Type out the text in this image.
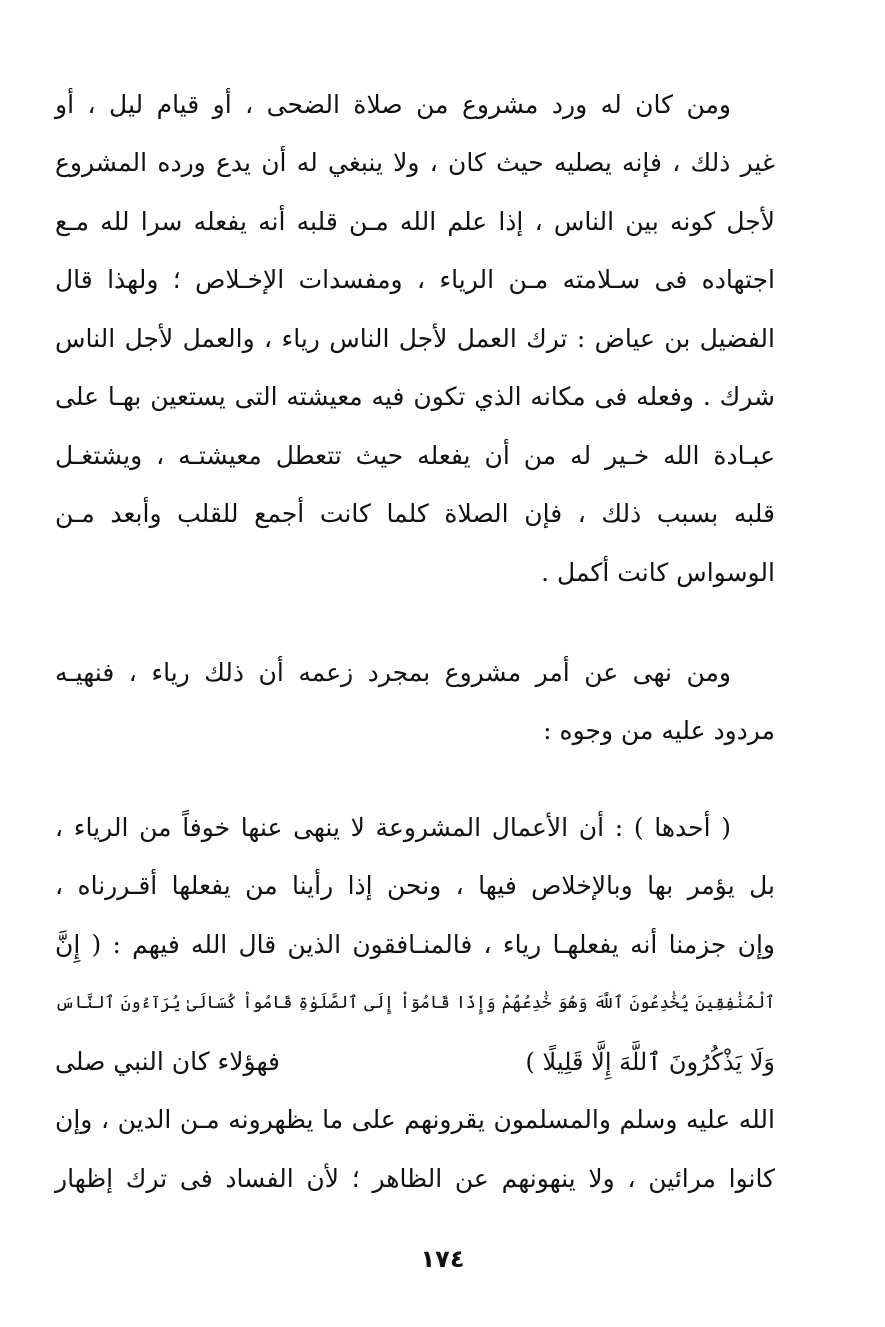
ومن كان له ورد مشروع من صلاة الضحى ، أو قيام ليل ، أو
غير ذلك ، فإنه يصليه حيث كان ، ولا ينبغي له أن يدع ورده المشروع
لأجل كونه بين الناس ، إذا علم الله مـن قلبه أنه يفعله سرا لله مـع
اجتهاده فى سـلامته مـن الرياء ، ومفسدات الإخـلاص ؛ ولهذا قال
الفضيل بن عياض : ترك العمل لأجل الناس رياء ، والعمل لأجل الناس
شرك . وفعله فى مكانه الذي تكون فيه معيشته التى يستعين بهـا على
عبـادة الله خـير له من أن يفعله حيث تتعطل معيشتـه ، ويشتغـل
قلبه بسبب ذلك ، فإن الصلاة كلما كانت أجمع للقلب وأبعد مـن
الوسواس كانت أكمل .
ومن نهى عن أمر مشروع بمجرد زعمه أن ذلك رياء ، فنهيـه
مردود عليه من وجوه :
( أحدها ) : أن الأعمال المشروعة لا ينهى عنها خوفاً من الرياء ،
بل يؤمر بها وبالإخلاص فيها ، ونحن إذا رأينا من يفعلها أقـررناه ،
وإن جزمنا أنه يفعلهـا رياء ، فالمنـافقون الذين قال الله فيهم : ( إِنَّ
ٱلْمُنَٰفِقِينَ يُخَٰدِعُونَ ٱللَّهَ وَهُوَ خَٰدِعُهُمْ وَإِذَا قَامُوٓاْ إِلَى ٱلصَّلَوٰةِ قَامُواْ كُسَالَىٰ يُرَآءُونَ ٱلنَّاسَ
وَلَا يَذْكُرُونَ ٱللَّهَ إِلَّا قَلِيلًا )
فهؤلاء كان النبي صلى
الله عليه وسلم والمسلمون يقرونهم على ما يظهرونه مـن الدين ، وإن
كانوا مرائين ، ولا ينهونهم عن الظاهر ؛ لأن الفساد فى ترك إظهار
١٧٤
